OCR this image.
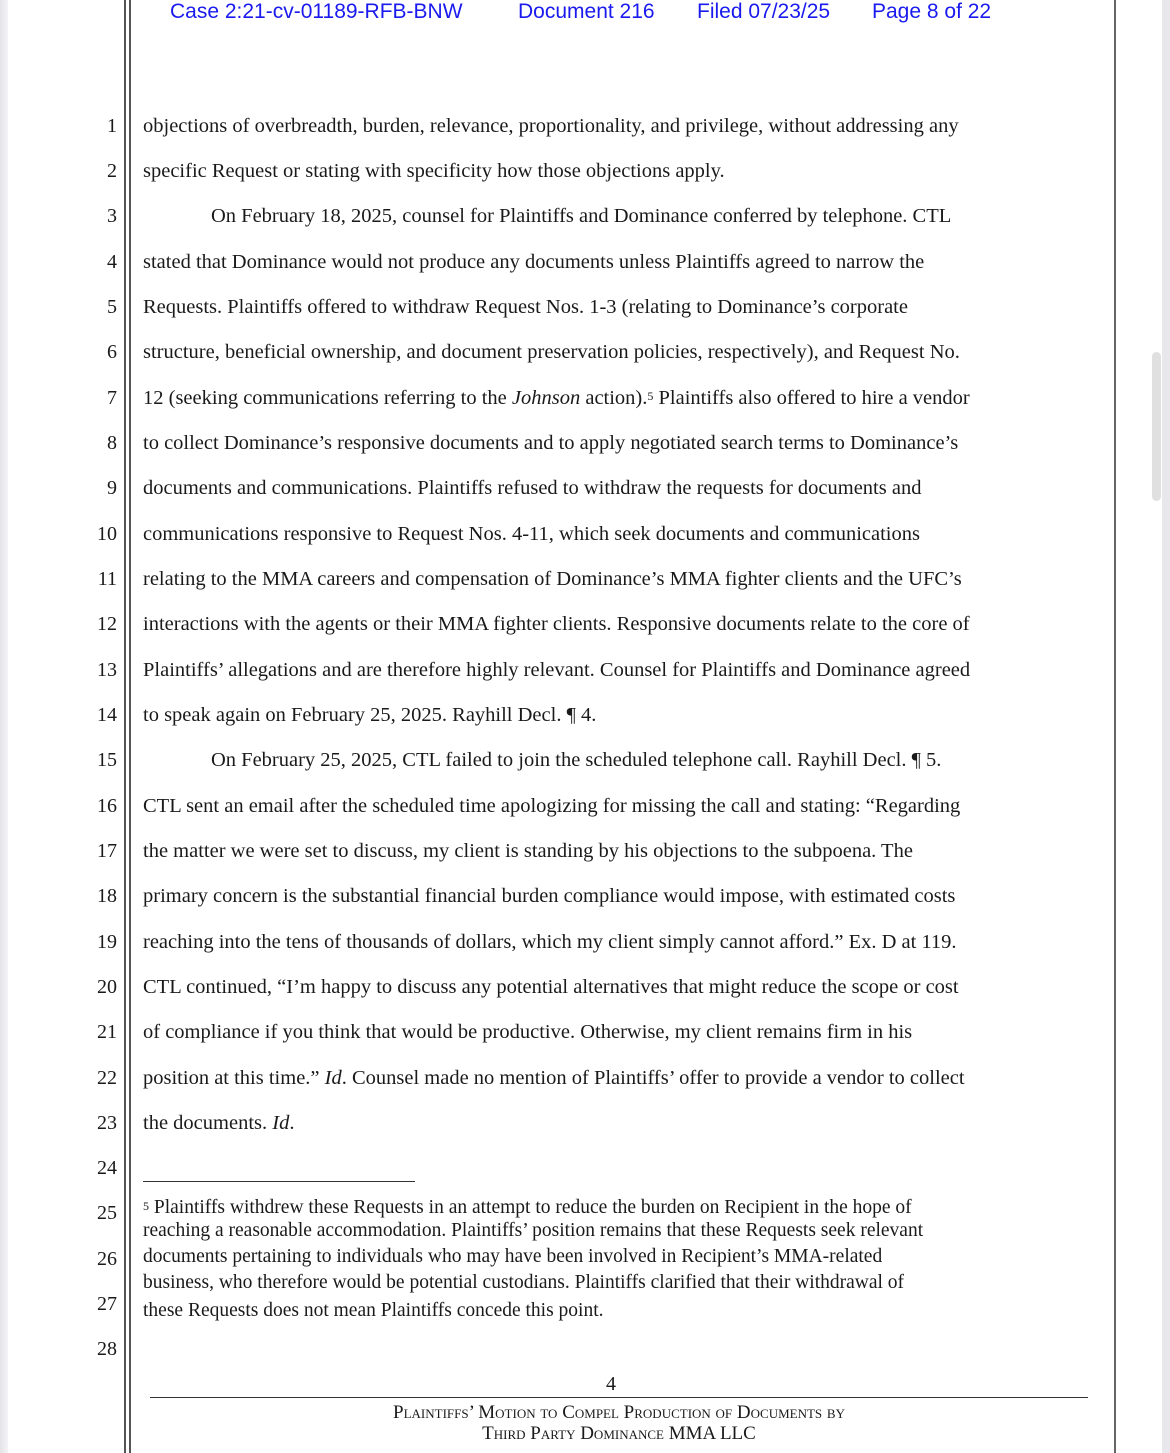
Case 2:21-cv-01189-RFB-BNW	Document 216 Filed 07/23/25 Page 8 of 22
1
2
3
4
5
6
7
8
9
10
11
12
13
14
15
16
17
18
19
20
21
22
23
24
25
26
27
28
objections of overbreadth, burden, relevance, proportionality, and privilege, without addressing any
specific Request or stating with specificity how those objections apply.
On February 18, 2025, counsel for Plaintiffs and Dominance conferred by telephone. CTL
stated that Dominance would not produce any documents unless Plaintiffs agreed to narrow the
Requests. Plaintiffs offered to withdraw Request Nos. 1-3 (relating to Dominance’s corporate
structure, beneficial ownership, and document preservation policies, respectively), and Request No.
12 (seeking communications referring to the Johnson action).$^5$ Plaintiffs also offered to hire a vendor
to collect Dominance’s responsive documents and to apply negotiated search terms to Dominance’s
documents and communications. Plaintiffs refused to withdraw the requests for documents and
communications responsive to Request Nos. 4-11, which seek documents and communications
relating to the MMA careers and compensation of Dominance’s MMA fighter clients and the UFC’s
interactions with the agents or their MMA fighter clients. Responsive documents relate to the core of
Plaintiffs’ allegations and are therefore highly relevant. Counsel for Plaintiffs and Dominance agreed
to speak again on February 25, 2025. Rayhill Decl. ¶ 4.
On February 25, 2025, CTL failed to join the scheduled telephone call. Rayhill Decl. ¶ 5.
CTL sent an email after the scheduled time apologizing for missing the call and stating: “Regarding
the matter we were set to discuss, my client is standing by his objections to the subpoena. The
primary concern is the substantial financial burden compliance would impose, with estimated costs
reaching into the tens of thousands of dollars, which my client simply cannot afford.” Ex. D at 119.
CTL continued, “I’m happy to discuss any potential alternatives that might reduce the scope or cost
of compliance if you think that would be productive. Otherwise, my client remains firm in his
position at this time.” Id. Counsel made no mention of Plaintiffs’ offer to provide a vendor to collect
the documents. Id.
$^5$ Plaintiffs withdrew these Requests in an attempt to reduce the burden on Recipient in the hope of
reaching a reasonable accommodation. Plaintiffs’ position remains that these Requests seek relevant
documents pertaining to individuals who may have been involved in Recipient’s MMA-related
business, who therefore would be potential custodians. Plaintiffs clarified that their withdrawal of
these Requests does not mean Plaintiffs concede this point.
4
Plaintiffs’ Motion to Compel Production of Documents by
Third Party Dominance MMA LLC
